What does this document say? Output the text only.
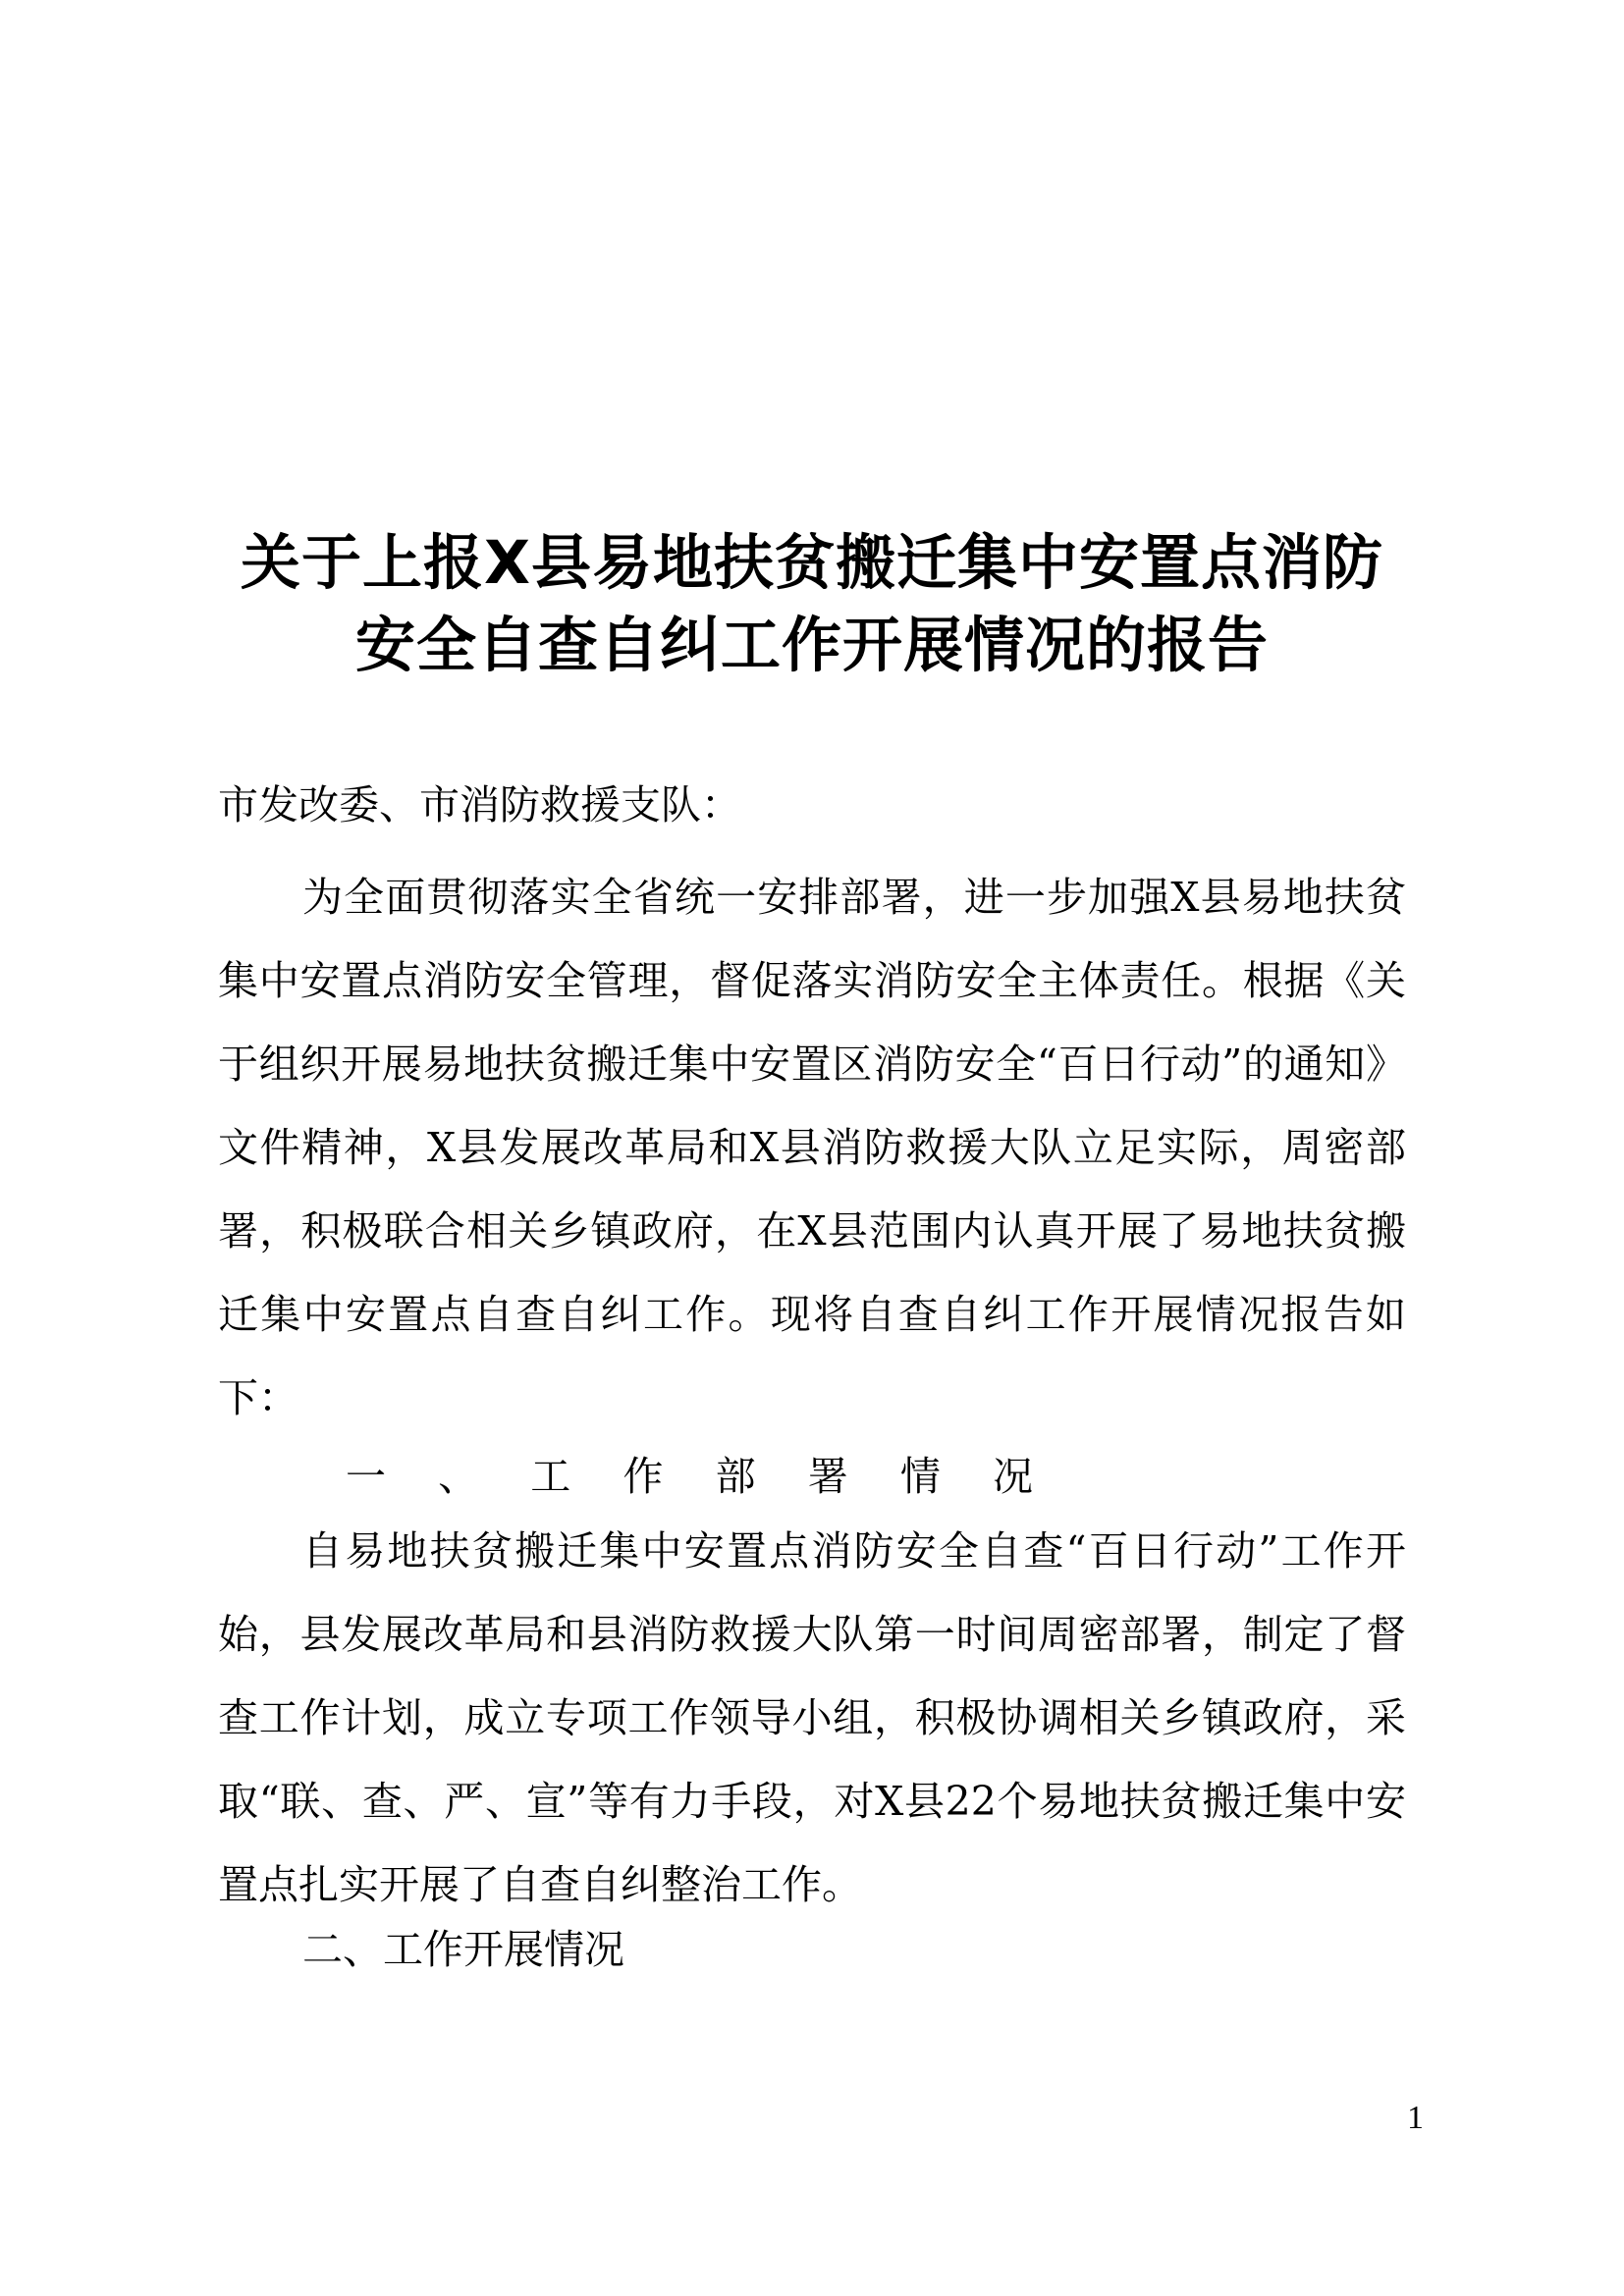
关于上报X县易地扶贫搬迁集中安置点消防
安全自查自纠工作开展情况的报告
市发改委、市消防救援支队：

为全面贯彻落实全省统一安排部署，进一步加强X县易地扶贫集中安置点消防安全管理，督促落实消防安全主体责任。根据《关于组织开展易地扶贫搬迁集中安置区消防安全“百日行动”的通知》文件精神，X县发展改革局和X县消防救援大队立足实际，周密部署，积极联合相关乡镇政府，在X县范围内认真开展了易地扶贫搬迁集中安置点自查自纠工作。现将自查自纠工作开展情况报告如下：

一 、 工 作 部 署 情 况

自易地扶贫搬迁集中安置点消防安全自查“百日行动”工作开始，县发展改革局和县消防救援大队第一时间周密部署，制定了督查工作计划，成立专项工作领导小组，积极协调相关乡镇政府，采取“联、查、严、宣”等有力手段，对X县22个易地扶贫搬迁集中安置点扎实开展了自查自纠整治工作。

二、工作开展情况
1
